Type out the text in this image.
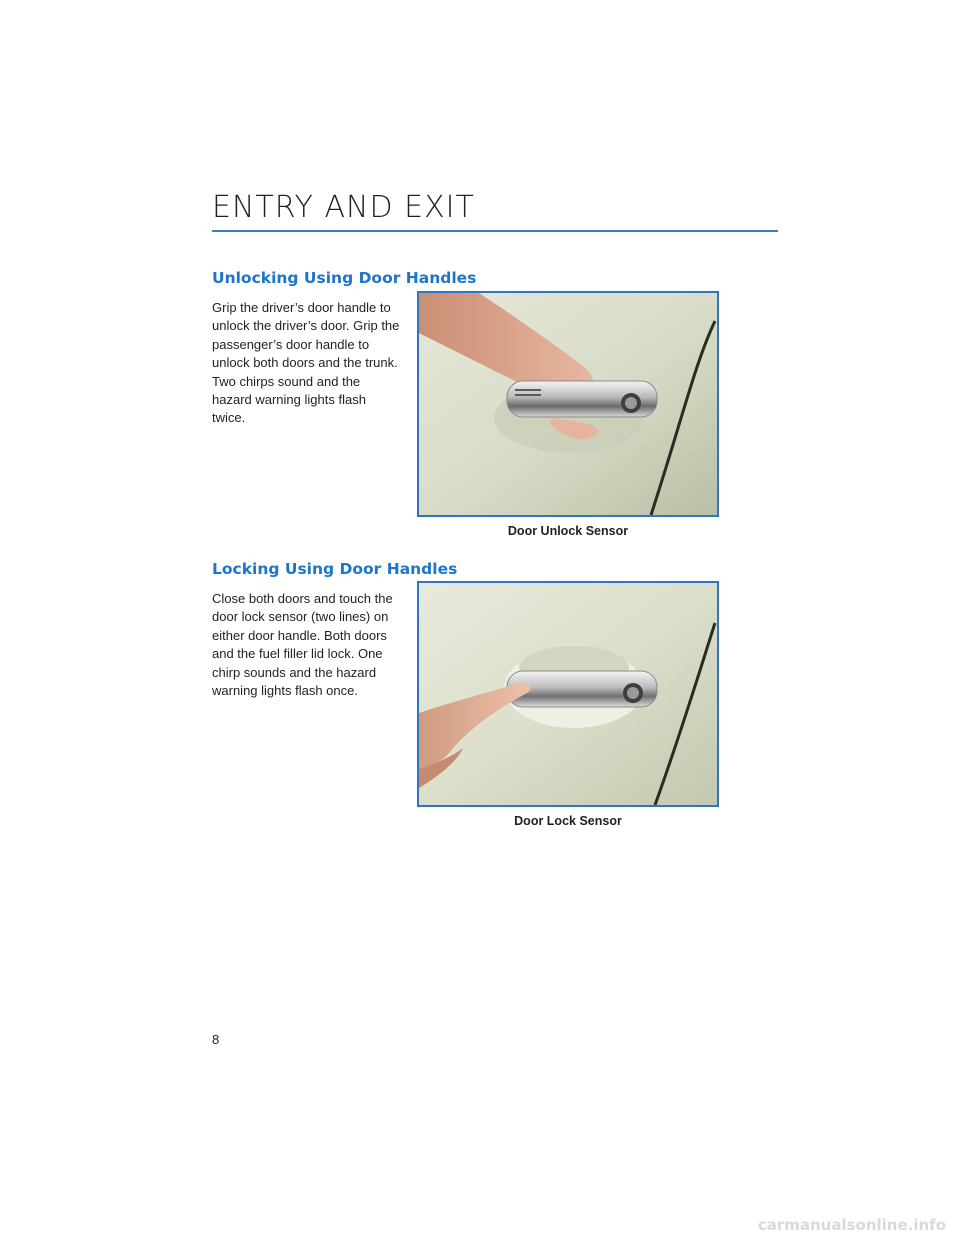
ENTRY AND EXIT
Unlocking Using Door Handles

Grip the driver’s door handle to unlock the driver’s door. Grip the passenger’s door handle to unlock both doors and the trunk. Two chirps sound and the hazard warning lights flash twice.

Door Unlock Sensor

Locking Using Door Handles

Close both doors and touch the door lock sensor (two lines) on either door handle. Both doors and the fuel filler lid lock. One chirp sounds and the hazard warning lights flash once.

Door Lock Sensor

8

carmanualsonline.info
